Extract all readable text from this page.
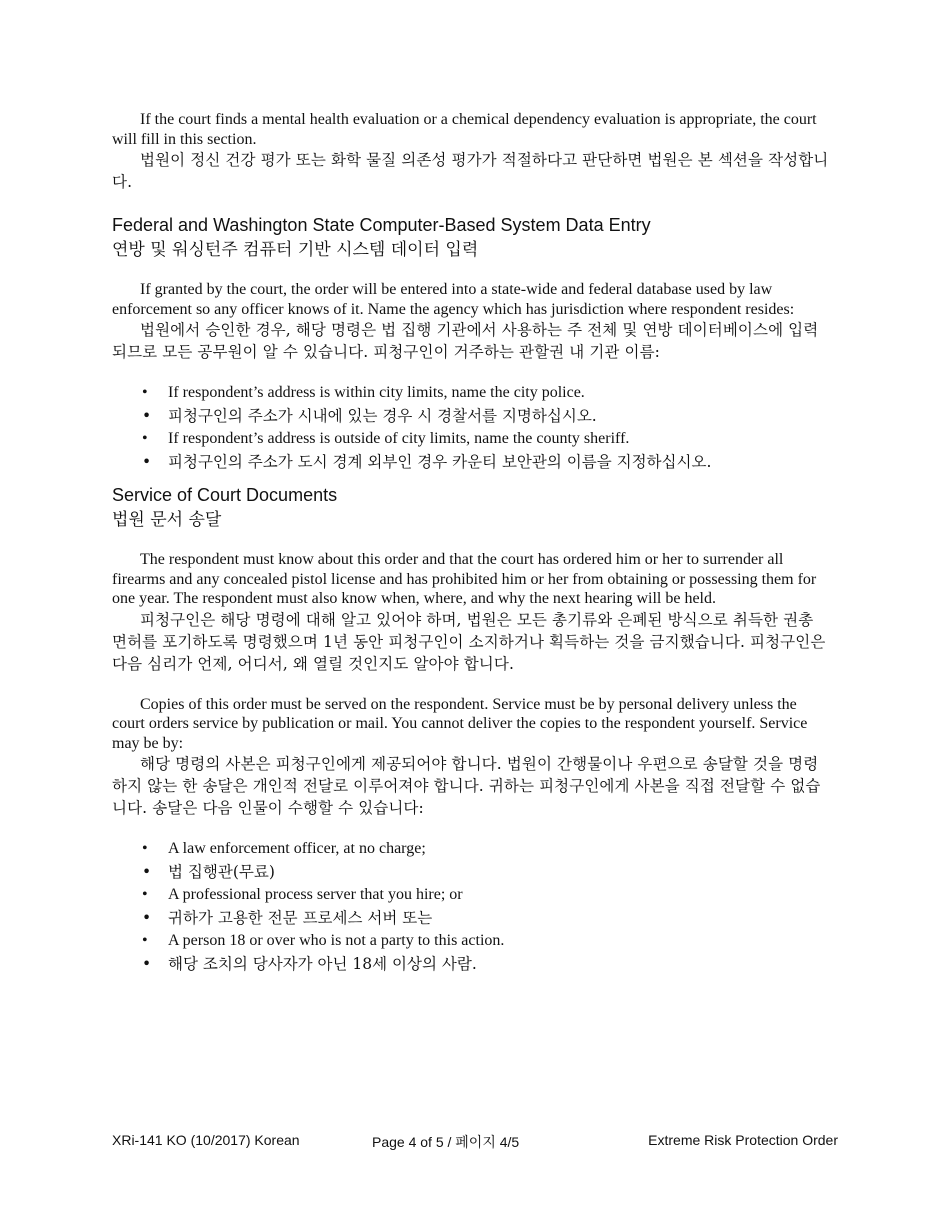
If the court finds a mental health evaluation or a chemical dependency evaluation is appropriate, the court will fill in this section.

법원이 정신 건강 평가 또는 화학 물질 의존성 평가가 적절하다고 판단하면 법원은 본 섹션을 작성합니다.

Federal and Washington State Computer-Based System Data Entry

연방 및 워싱턴주 컴퓨터 기반 시스템 데이터 입력

If granted by the court, the order will be entered into a state-wide and federal database used by law enforcement so any officer knows of it. Name the agency which has jurisdiction where respondent resides:

법원에서 승인한 경우, 해당 명령은 법 집행 기관에서 사용하는 주 전체 및 연방 데이터베이스에 입력되므로 모든 공무원이 알 수 있습니다. 피청구인이 거주하는 관할권 내 기관 이름:

• If respondent’s address is within city limits, name the city police.
• 피청구인의 주소가 시내에 있는 경우 시 경찰서를 지명하십시오.
• If respondent’s address is outside of city limits, name the county sheriff.
• 피청구인의 주소가 도시 경계 외부인 경우 카운티 보안관의 이름을 지정하십시오.
Service of Court Documents

법원 문서 송달

The respondent must know about this order and that the court has ordered him or her to surrender all firearms and any concealed pistol license and has prohibited him or her from obtaining or possessing them for one year. The respondent must also know when, where, and why the next hearing will be held.

피청구인은 해당 명령에 대해 알고 있어야 하며, 법원은 모든 총기류와 은폐된 방식으로 취득한 권총 면허를 포기하도록 명령했으며 1년 동안 피청구인이 소지하거나 획득하는 것을 금지했습니다. 피청구인은 다음 심리가 언제, 어디서, 왜 열릴 것인지도 알아야 합니다.

Copies of this order must be served on the respondent. Service must be by personal delivery unless the court orders service by publication or mail. You cannot deliver the copies to the respondent yourself. Service may be by:

해당 명령의 사본은 피청구인에게 제공되어야 합니다. 법원이 간행물이나 우편으로 송달할 것을 명령하지 않는 한 송달은 개인적 전달로 이루어져야 합니다. 귀하는 피청구인에게 사본을 직접 전달할 수 없습니다. 송달은 다음 인물이 수행할 수 있습니다:

• A law enforcement officer, at no charge;
• 법 집행관(무료)
• A professional process server that you hire; or
• 귀하가 고용한 전문 프로세스 서버 또는
• A person 18 or over who is not a party to this action.
• 해당 조치의 당사자가 아닌 18세 이상의 사람.
XRi-141 KO (10/2017) Korean	Page 4 of 5 / 페이지 4/5	Extreme Risk Protection Order
